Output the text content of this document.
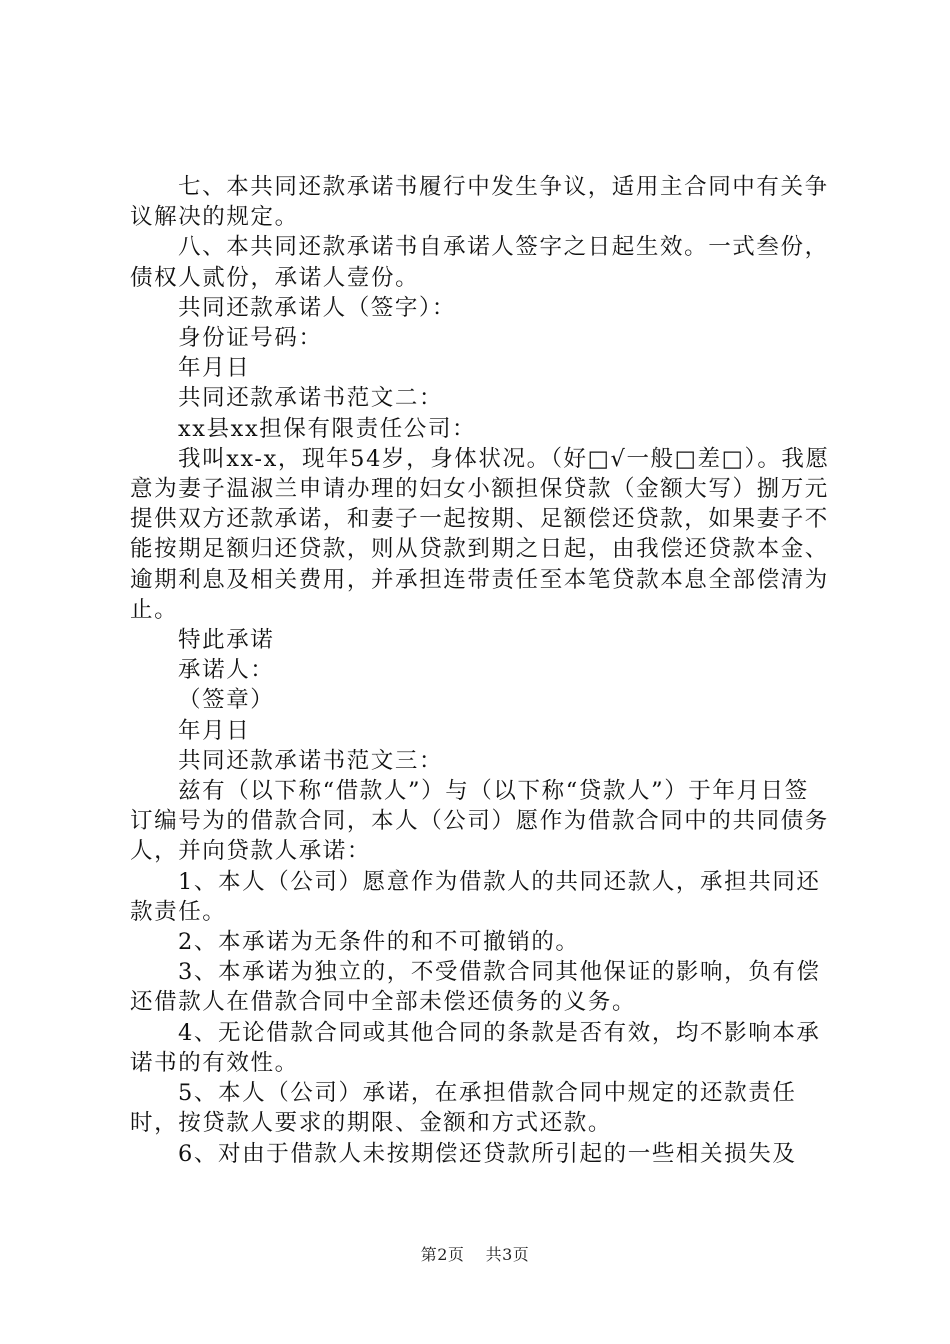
七、本共同还款承诺书履行中发生争议，适用主合同中有关争议解决的规定。

八、本共同还款承诺书自承诺人签字之日起生效。一式叁份，债权人贰份，承诺人壹份。

共同还款承诺人（签字）：

身份证号码：

年月日

共同还款承诺书范文二：

xx县xx担保有限责任公司：

我叫xx-x，现年54岁，身体状况。（好□√一般□差□）。我愿意为妻子温淑兰申请办理的妇女小额担保贷款（金额大写）捌万元提供双方还款承诺，和妻子一起按期、足额偿还贷款，如果妻子不能按期足额归还贷款，则从贷款到期之日起，由我偿还贷款本金、逾期利息及相关费用，并承担连带责任至本笔贷款本息全部偿清为止。

特此承诺

承诺人：

（签章）

年月日

共同还款承诺书范文三：

兹有（以下称“借款人”）与（以下称“贷款人”）于年月日签订编号为的借款合同，本人（公司）愿作为借款合同中的共同债务人，并向贷款人承诺：

1、本人（公司）愿意作为借款人的共同还款人，承担共同还款责任。

2、本承诺为无条件的和不可撤销的。

3、本承诺为独立的，不受借款合同其他保证的影响，负有偿还借款人在借款合同中全部未偿还债务的义务。

4、无论借款合同或其他合同的条款是否有效，均不影响本承诺书的有效性。

5、本人（公司）承诺，在承担借款合同中规定的还款责任时，按贷款人要求的期限、金额和方式还款。

6、对由于借款人未按期偿还贷款所引起的一些相关损失及

第2页 共3页
